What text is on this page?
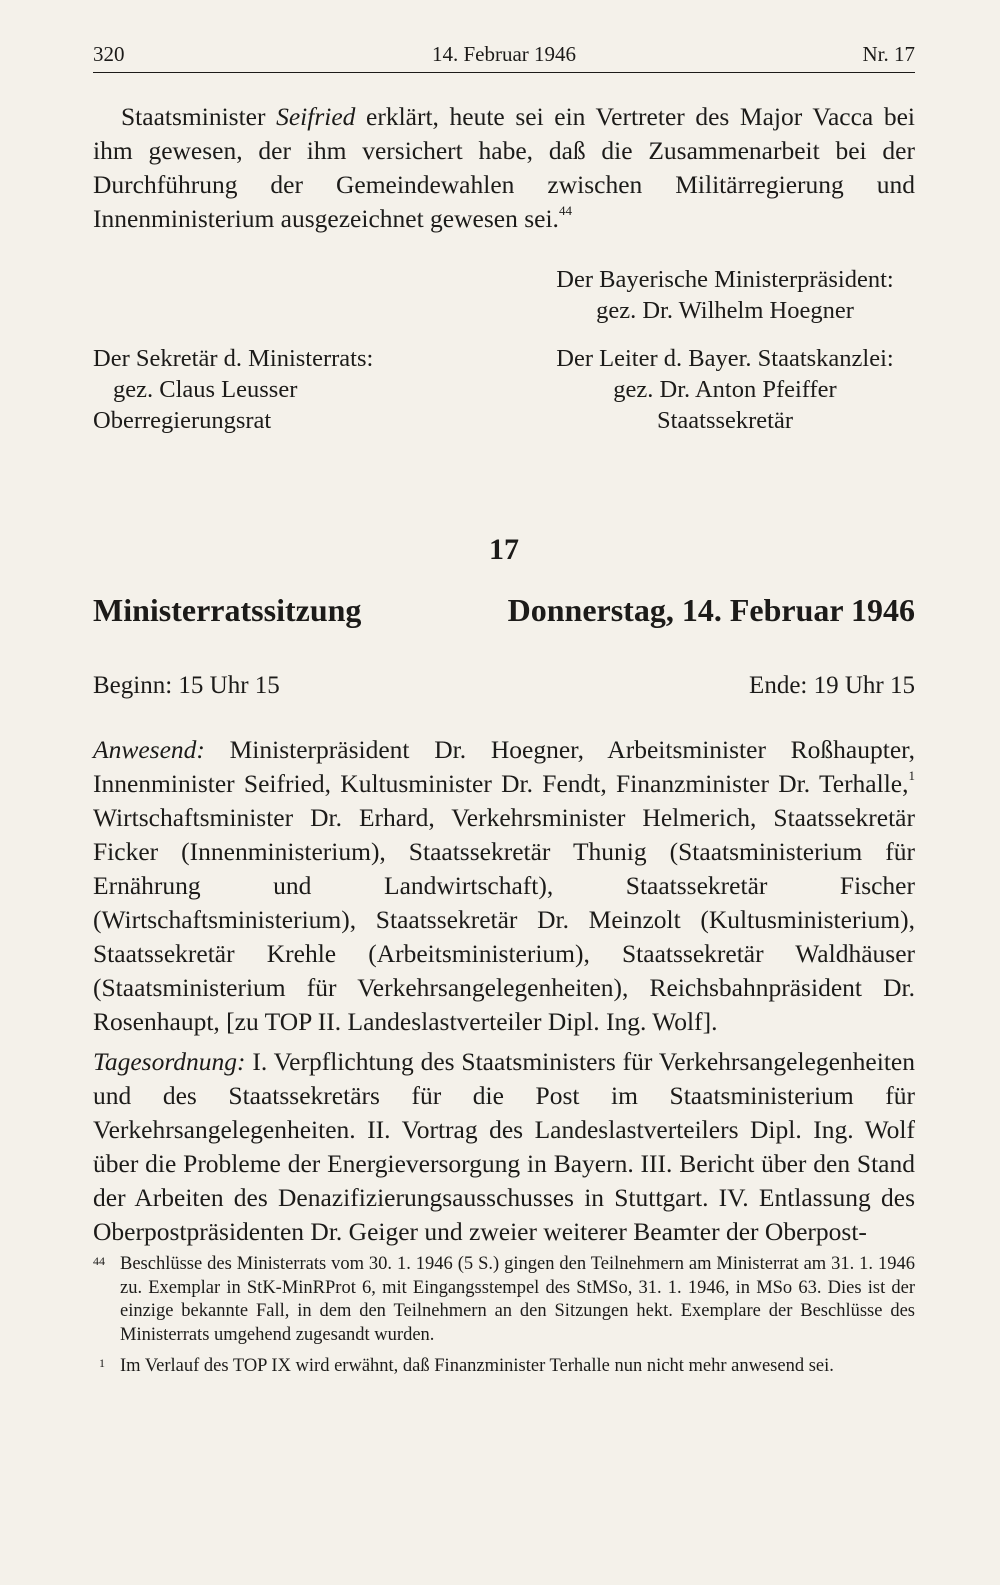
320	14. Februar 1946	Nr. 17

Staatsminister Seifried erklärt, heute sei ein Vertreter des Major Vacca bei ihm gewesen, der ihm versichert habe, daß die Zusammenarbeit bei der Durchführung der Gemeindewahlen zwischen Militärregierung und Innenministerium ausgezeichnet gewesen sei.$^{44}$

Der Bayerische Ministerpräsident:
gez. Dr. Wilhelm Hoegner
Der Sekretär d. Ministerrats:
gez. Claus Leusser
Oberregierungsrat
Der Leiter d. Bayer. Staatskanzlei:
gez. Dr. Anton Pfeiffer
Staatssekretär
17
Ministerratssitzung	Donnerstag, 14. Februar 1946
Beginn: 15 Uhr 15	Ende: 19 Uhr 15

Anwesend: Ministerpräsident Dr. Hoegner, Arbeitsminister Roßhaupter, Innenminister Seifried, Kultusminister Dr. Fendt, Finanzminister Dr. Terhalle,$^1$ Wirtschaftsminister Dr. Erhard, Verkehrsminister Helmerich, Staatssekretär Ficker (Innenministerium), Staatssekretär Thunig (Staatsministerium für Ernährung und Landwirtschaft), Staatssekretär Fischer (Wirtschaftsministerium), Staatssekretär Dr. Meinzolt (Kultusministerium), Staatssekretär Krehle (Arbeitsministerium), Staatssekretär Waldhäuser (Staatsministerium für Verkehrsangelegenheiten), Reichsbahnpräsident Dr. Rosenhaupt, [zu TOP II. Landeslastverteiler Dipl. Ing. Wolf].

Tagesordnung: I. Verpflichtung des Staatsministers für Verkehrsangelegenheiten und des Staatssekretärs für die Post im Staatsministerium für Verkehrsangelegenheiten. II. Vortrag des Landeslastverteilers Dipl. Ing. Wolf über die Probleme der Energieversorgung in Bayern. III. Bericht über den Stand der Arbeiten des Denazifizierungsausschusses in Stuttgart. IV. Entlassung des Oberpostpräsidenten Dr. Geiger und zweier weiterer Beamter der Oberpost-

44 Beschlüsse des Ministerrats vom 30. 1. 1946 (5 S.) gingen den Teilnehmern am Ministerrat am 31. 1. 1946 zu. Exemplar in StK-MinRProt 6, mit Eingangsstempel des StMSo, 31. 1. 1946, in MSo 63. Dies ist der einzige bekannte Fall, in dem den Teilnehmern an den Sitzungen hekt. Exemplare der Beschlüsse des Ministerrats umgehend zugesandt wurden.
1 Im Verlauf des TOP IX wird erwähnt, daß Finanzminister Terhalle nun nicht mehr anwesend sei.
